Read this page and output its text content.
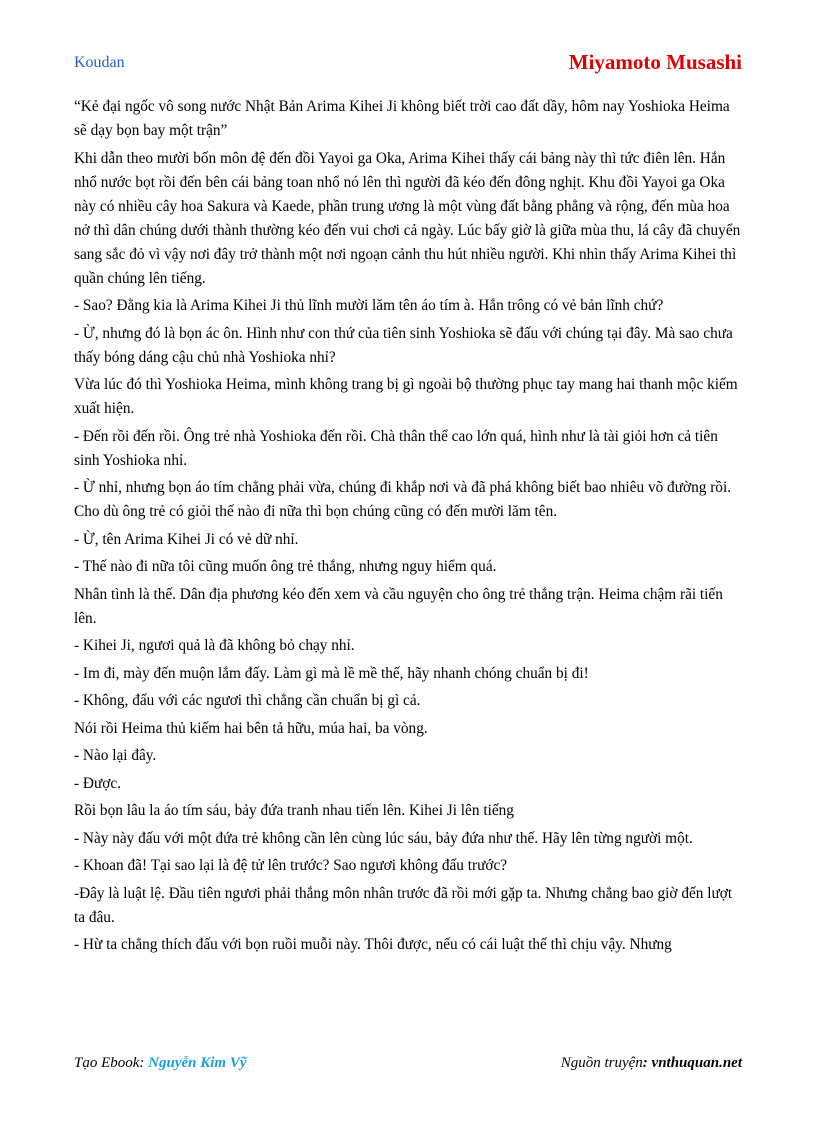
Koudan	Miyamoto Musashi

“Kẻ đại ngốc vô song nước Nhật Bản Arima Kihei Ji không biết trời cao đất dầy, hôm nay Yoshioka Heima sẽ dạy bọn bay một trận”

Khi dẫn theo mười bốn môn đệ đến đồi Yayoi ga Oka, Arima Kihei thấy cái bảng này thì tức điên lên. Hắn nhổ nước bọt rồi đến bên cái bảng toan nhổ nó lên thì người đã kéo đến đông nghịt. Khu đồi Yayoi ga Oka này có nhiều cây hoa Sakura và Kaede, phần trung ương là một vùng đất bằng phẳng và rộng, đến mùa hoa nở thì dân chúng dưới thành thường kéo đến vui chơi cả ngày. Lúc bấy giờ là giữa mùa thu, lá cây đã chuyển sang sắc đỏ vì vậy nơi đây trở thành một nơi ngoạn cảnh thu hút nhiều người. Khi nhìn thấy Arima Kihei thì quần chúng lên tiếng.

- Sao? Đằng kia là Arima Kihei Ji thủ lĩnh mười lăm tên áo tím à. Hắn trông có vẻ bản lĩnh chứ?

- Ừ, nhưng đó là bọn ác ôn. Hình như con thứ của tiên sinh Yoshioka sẽ đấu với chúng tại đây. Mà sao chưa thấy bóng dáng cậu chủ nhà Yoshioka nhỉ?

Vừa lúc đó thì Yoshioka Heima, mình không trang bị gì ngoài bộ thường phục tay mang hai thanh mộc kiếm xuất hiện.

- Đến rồi đến rồi. Ông trẻ nhà Yoshioka đến rồi. Chà thân thể cao lớn quá, hình như là tài giỏi hơn cả tiên sinh Yoshioka nhỉ.

- Ừ nhỉ, nhưng bọn áo tím chẳng phải vừa, chúng đi khắp nơi và đã phá không biết bao nhiêu võ đường rồi. Cho dù ông trẻ có giỏi thế nào đi nữa thì bọn chúng cũng có đến mười lăm tên.

- Ừ, tên Arima Kihei Ji có vẻ dữ nhỉ.

- Thế nào đi nữa tôi cũng muốn ông trẻ thắng, nhưng nguy hiểm quá.

Nhân tình là thế. Dân địa phương kéo đến xem và cầu nguyện cho ông trẻ thắng trận. Heima chậm rãi tiến lên.

- Kihei Ji, ngươi quả là đã không bỏ chạy nhỉ.

- Im đi, mày đến muộn lắm đấy. Làm gì mà lề mề thế, hãy nhanh chóng chuẩn bị đi!

- Không, đấu với các ngươi thì chẳng cần chuẩn bị gì cả.

Nói rồi Heima thủ kiếm hai bên tả hữu, múa hai, ba vòng.

- Nào lại đây.

- Được.

Rồi bọn lâu la áo tím sáu, bảy đứa tranh nhau tiến lên. Kihei Ji lên tiếng

- Này này đấu với một đứa trẻ không cần lên cùng lúc sáu, bảy đứa như thế. Hãy lên từng người một.

- Khoan đã! Tại sao lại là đệ tử lên trước? Sao ngươi không đấu trước?

-Đây là luật lệ. Đầu tiên ngươi phải thắng môn nhân trước đã rồi mới gặp ta. Nhưng chẳng bao giờ đến lượt ta đâu.

- Hừ ta chẳng thích đấu với bọn ruồi muỗi này. Thôi được, nếu có cái luật thế thì chịu vậy. Nhưng

Tạo Ebook: Nguyễn Kim Vỹ	Nguồn truyện: vnthuquan.net
